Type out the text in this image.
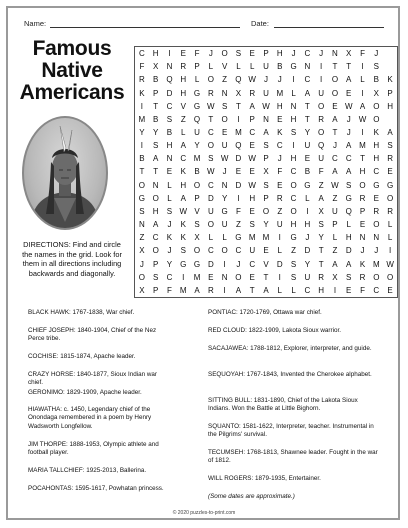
Name:	Date:
Famous
Native
Americans
DIRECTIONS: Find and circle the names in the grid. Look for them in all directions including backwards and diagonally.
C	H	I	E	F	J	O	S	E	P	H	J	C	J	N	X	F	J
F	X	N	R	P	L	V	L	L	U	B	G N	I	T	T	I	S
R	B	Q H	L	O	Z	Q W	J	J	I	C	I	O	A	L	B	K
K	P	D	H G R	N	X	R	U M	L	A	U O	E	I	X	P
I	T	C	V	G W S	T	A W H	N	T	O	E W A	O H
M B	S	Z	Q	T	O	I	P	N	E	H	T	R	A	J	W O
Y	Y	B	L	U	C	E M C	A	K	S	Y	O	T	J	I	K	A
I	S	H	A	Y	O U Q	E	S	C	I	U Q	J	A M H	S
B	A	N	C M S W D W P	J	H	E	U	C	C	T	H	R
T	T	E	K	B W	J	E	E	X	F	C	B	F	A	A	H	C	E
O N	L	H O C	N	D W S	E	O G	Z W S	O G G
G O	L	A	P	D	Y	I	H	P	R	C	L	A	Z	G R	E	O
S	H	S W V	U G	F	E	O	Z	O	I	X	U Q	P	R	R
N	A	J	K	S	O U	Z	S	Y	U	H	H	S	P	L	E	O	L
Z	C	K	K	X	L	L	G M M	I	G	J	Y	L	H	N	N	L
X	O	J	S	O C O C	U	E	L	Z	D	T	Z	D	J	J	I
J	P	Y	G G D	I	J	C	V	D	S	Y	T	A	A	K M W
O	S	C	I	M E	N O	E	T	I	S	U	R	X	S	R O O
X	P	F	M A	R	I	A	T	A	L	L	C	H	I	E	F	C	E
BLACK HAWK: 1767-1838, War chief.
CHIEF JOSEPH: 1840-1904, Chief of the Nez Perce tribe.
COCHISE: 1815-1874, Apache leader.
CRAZY HORSE: 1840-1877, Sioux Indian war chief.
GERONIMO: 1829-1909, Apache leader.
HIAWATHA: c. 1450, Legendary chief of the Onondaga remembered in a poem by Henry Wadsworth Longfellow.
JIM THORPE: 1888-1953, Olympic athlete and football player.
MARIA TALLCHIEF: 1925-2013, Ballerina.
POCAHONTAS: 1595-1617, Powhatan princess.
PONTIAC: 1720-1769, Ottawa war chief.
RED CLOUD: 1822-1909, Lakota Sioux warrior.
SACAJAWEA: 1788-1812, Explorer, interpreter, and guide.
SEQUOYAH: 1767-1843, Invented the Cherokee alphabet.
SITTING BULL: 1831-1890, Chief of the Lakota Sioux Indians. Won the Battle at Little Bighorn.
SQUANTO: 1581-1622, Interpreter, teacher. Instrumental in the Pilgrims' survival.
TECUMSEH: 1768-1813, Shawnee leader. Fought in the war of 1812.
WILL ROGERS: 1879-1935, Entertainer.
(Some dates are approximate.)
© 2020 puzzles-to-print.com
